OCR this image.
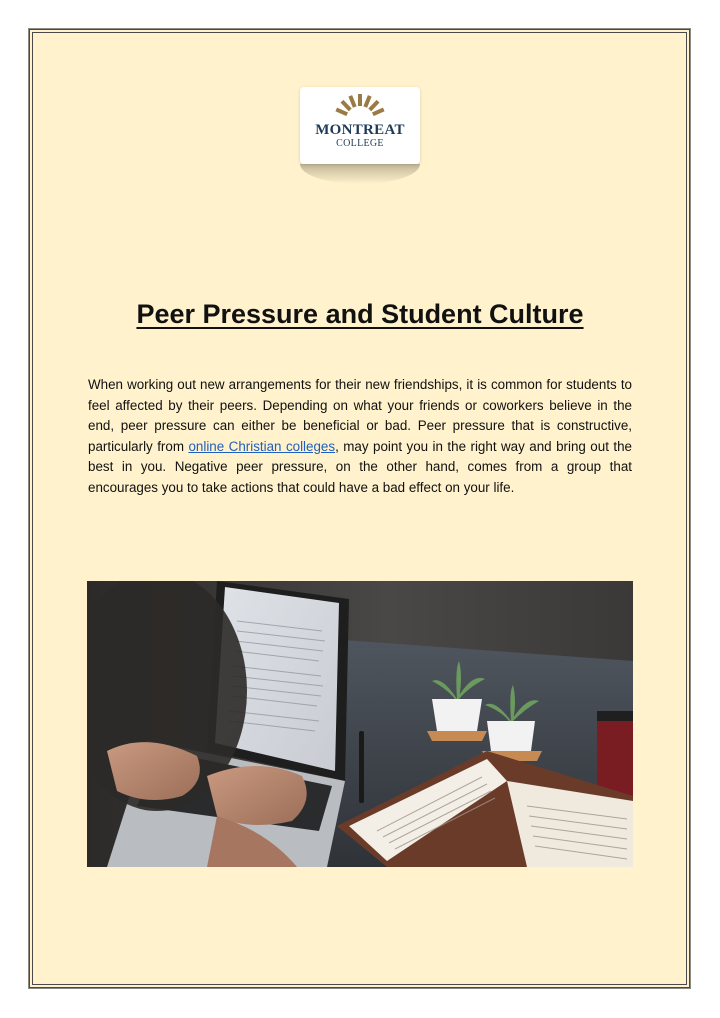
MONTREAT
COLLEGE
Peer Pressure and Student Culture

When working out new arrangements for their new friendships, it is common for students to feel affected by their peers. Depending on what your friends or coworkers believe in the end, peer pressure can either be beneficial or bad. Peer pressure that is constructive, particularly from online Christian colleges, may point you in the right way and bring out the best in you. Negative peer pressure, on the other hand, comes from a group that encourages you to take actions that could have a bad effect on your life.
